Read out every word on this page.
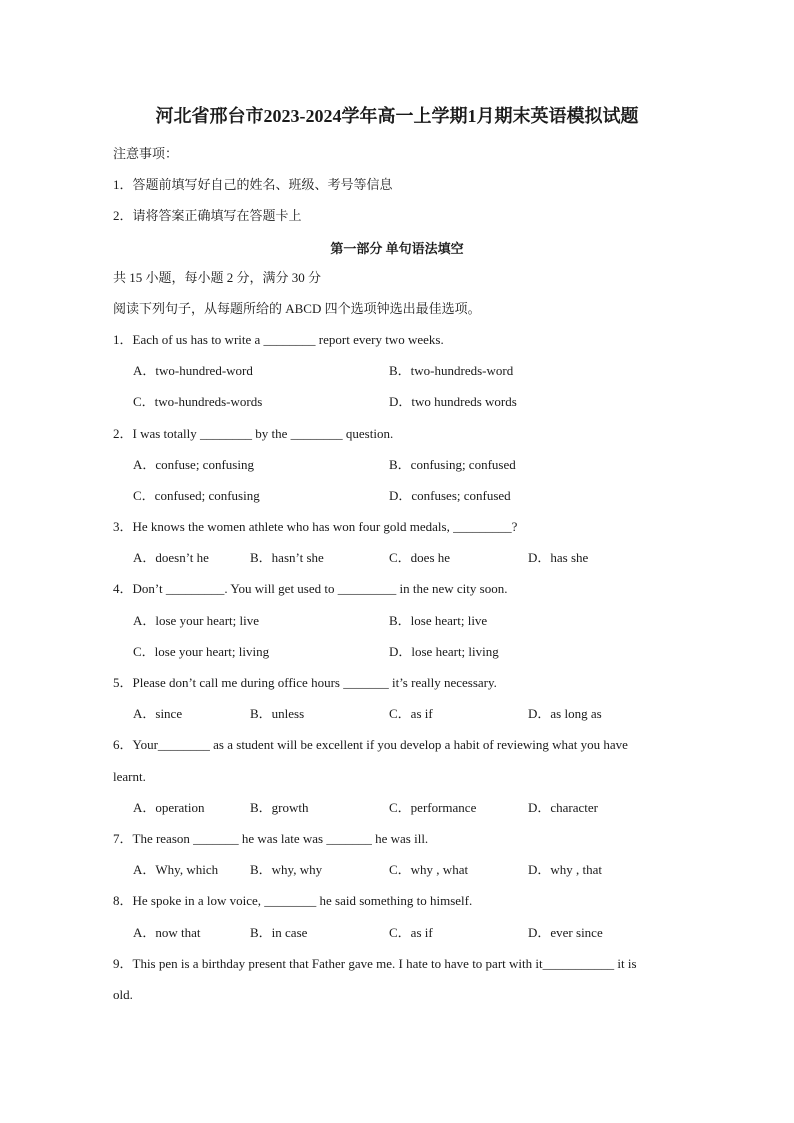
河北省邢台市2023-2024学年高一上学期1月期末英语模拟试题
注意事项：
1．答题前填写好自己的姓名、班级、考号等信息
2．请将答案正确填写在答题卡上
第一部分 单句语法填空
共 15 小题，每小题 2 分，满分 30 分
阅读下列句子，从每题所给的 ABCD 四个选项钟选出最佳选项。
1．Each of us has to write a ________ report every two weeks.
A．two-hundred-word	B．two-hundreds-word
C．two-hundreds-words	D．two hundreds words
2．I was totally ________ by the ________ question.
A．confuse; confusing	B．confusing; confused
C．confused; confusing	D．confuses; confused
3．He knows the women athlete who has won four gold medals, _________?
A．doesn’t he	B．hasn’t she	C．does he	D．has she
4．Don’t _________. You will get used to _________ in the new city soon.
A．lose your heart; live	B．lose heart; live
C．lose your heart; living	D．lose heart; living
5．Please don’t call me during office hours _______ it’s really necessary.
A．since	B．unless	C．as if	D．as long as
6．Your________ as a student will be excellent if you develop a habit of reviewing what you have
learnt.
A．operation	B．growth	C．performance	D．character
7．The reason _______ he was late was _______ he was ill.
A．Why, which B．why, why	C．why , what	D．why , that
8．He spoke in a low voice, ________ he said something to himself.
A．now that	B．in case	C．as if	D．ever since
9．This pen is a birthday present that Father gave me. I hate to have to part with it___________ it is
old.
